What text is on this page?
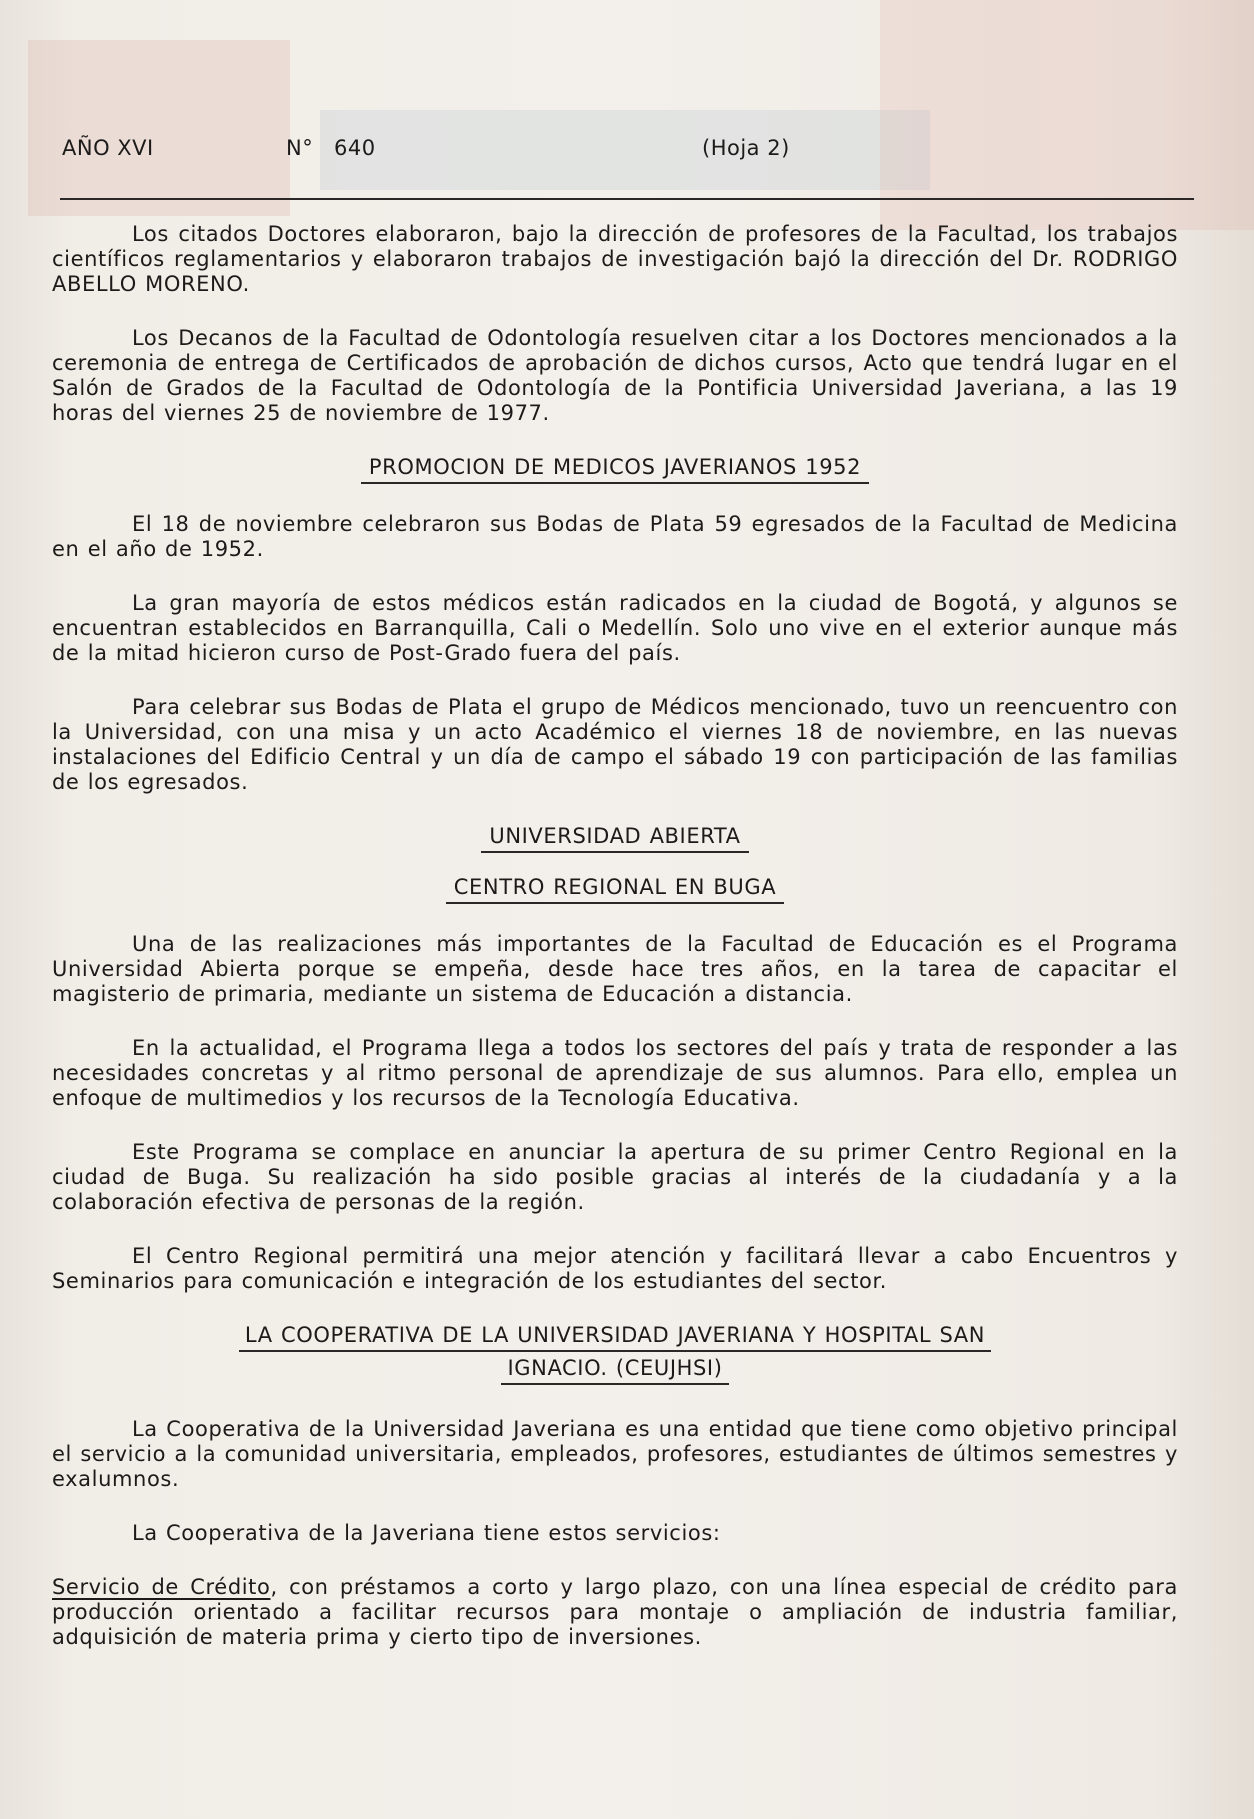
AÑO XVI	N° 640	(Hoja 2)

Los citados Doctores elaboraron, bajo la dirección de profesores de la Facultad, los trabajos científicos reglamentarios y elaboraron trabajos de investigación bajó la dirección del Dr. RODRIGO ABELLO MORENO.

Los Decanos de la Facultad de Odontología resuelven citar a los Doctores mencionados a la ceremonia de entrega de Certificados de aprobación de dichos cursos, Acto que tendrá lugar en el Salón de Grados de la Facultad de Odontología de la Pontificia Universidad Javeriana, a las 19 horas del viernes 25 de noviembre de 1977.

PROMOCION DE MEDICOS JAVERIANOS 1952

El 18 de noviembre celebraron sus Bodas de Plata 59 egresados de la Facultad de Medicina en el año de 1952.

La gran mayoría de estos médicos están radicados en la ciudad de Bogotá, y algunos se encuentran establecidos en Barranquilla, Cali o Medellín. Solo uno vive en el exterior aunque más de la mitad hicieron curso de Post-Grado fuera del país.

Para celebrar sus Bodas de Plata el grupo de Médicos mencionado, tuvo un reencuentro con la Universidad, con una misa y un acto Académico el viernes 18 de noviembre, en las nuevas instalaciones del Edificio Central y un día de campo el sábado 19 con participación de las familias de los egresados.

UNIVERSIDAD ABIERTA
CENTRO REGIONAL EN BUGA

Una de las realizaciones más importantes de la Facultad de Educación es el Programa Universidad Abierta porque se empeña, desde hace tres años, en la tarea de capacitar el magisterio de primaria, mediante un sistema de Educación a distancia.

En la actualidad, el Programa llega a todos los sectores del país y trata de responder a las necesidades concretas y al ritmo personal de aprendizaje de sus alumnos. Para ello, emplea un enfoque de multimedios y los recursos de la Tecnología Educativa.

Este Programa se complace en anunciar la apertura de su primer Centro Regional en la ciudad de Buga. Su realización ha sido posible gracias al interés de la ciudadanía y a la colaboración efectiva de personas de la región.

El Centro Regional permitirá una mejor atención y facilitará llevar a cabo Encuentros y Seminarios para comunicación e integración de los estudiantes del sector.

LA COOPERATIVA DE LA UNIVERSIDAD JAVERIANA Y HOSPITAL SAN
IGNACIO. (CEUJHSI)

La Cooperativa de la Universidad Javeriana es una entidad que tiene como objetivo principal el servicio a la comunidad universitaria, empleados, profesores, estudiantes de últimos semestres y exalumnos.

La Cooperativa de la Javeriana tiene estos servicios:

Servicio de Crédito, con préstamos a corto y largo plazo, con una línea especial de crédito para producción orientado a facilitar recursos para montaje o ampliación de industria familiar, adquisición de materia prima y cierto tipo de inversiones.
